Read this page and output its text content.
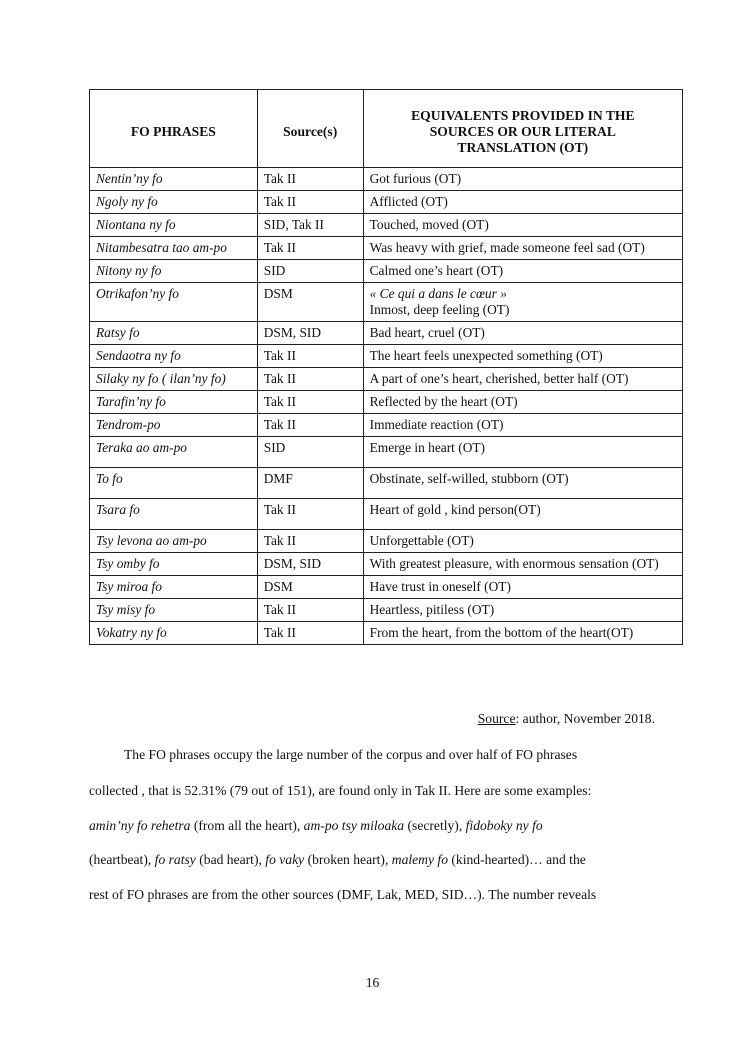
FO PHRASES	Source(s)	EQUIVALENTS PROVIDED IN THE
SOURCES OR OUR LITERAL
TRANSLATION (OT)
Nentin’ny fo	Tak II	Got furious (OT)
Ngoly ny fo	Tak II	Afflicted (OT)
Niontana ny fo	SID, Tak II	Touched, moved (OT)
Nitambesatra tao am-po	Tak II	Was heavy with grief, made someone feel sad (OT)
Nitony ny fo	SID	Calmed one’s heart (OT)
Otrikafon’ny fo	DSM	« Ce qui a dans le cœur »
Inmost, deep feeling (OT)
Ratsy fo	DSM, SID	Bad heart, cruel (OT)
Sendaotra ny fo	Tak II	The heart feels unexpected something (OT)
Silaky ny fo ( ilan’ny fo)	Tak II	A part of one’s heart, cherished, better half (OT)
Tarafin’ny fo	Tak II	Reflected by the heart (OT)
Tendrom-po	Tak II	Immediate reaction (OT)
Teraka ao am-po	SID	Emerge in heart (OT)
To fo	DMF	Obstinate, self-willed, stubborn (OT)
Tsara fo	Tak II	Heart of gold , kind person(OT)
Tsy levona ao am-po	Tak II	Unforgettable (OT)
Tsy omby fo	DSM, SID	With greatest pleasure, with enormous sensation (OT)
Tsy miroa fo	DSM	Have trust in oneself (OT)
Tsy misy fo	Tak II	Heartless, pitiless (OT)
Vokatry ny fo	Tak II	From the heart, from the bottom of the heart(OT)
Source: author, November 2018.
The FO phrases occupy the large number of the corpus and over half of FO phrases
collected , that is 52.31% (79 out of 151), are found only in Tak II. Here are some examples:
amin’ny fo rehetra (from all the heart), am-po tsy miloaka (secretly), fidoboky ny fo
(heartbeat), fo ratsy (bad heart), fo vaky (broken heart), malemy fo (kind-hearted)… and the
rest of FO phrases are from the other sources (DMF, Lak, MED, SID…). The number reveals
16
